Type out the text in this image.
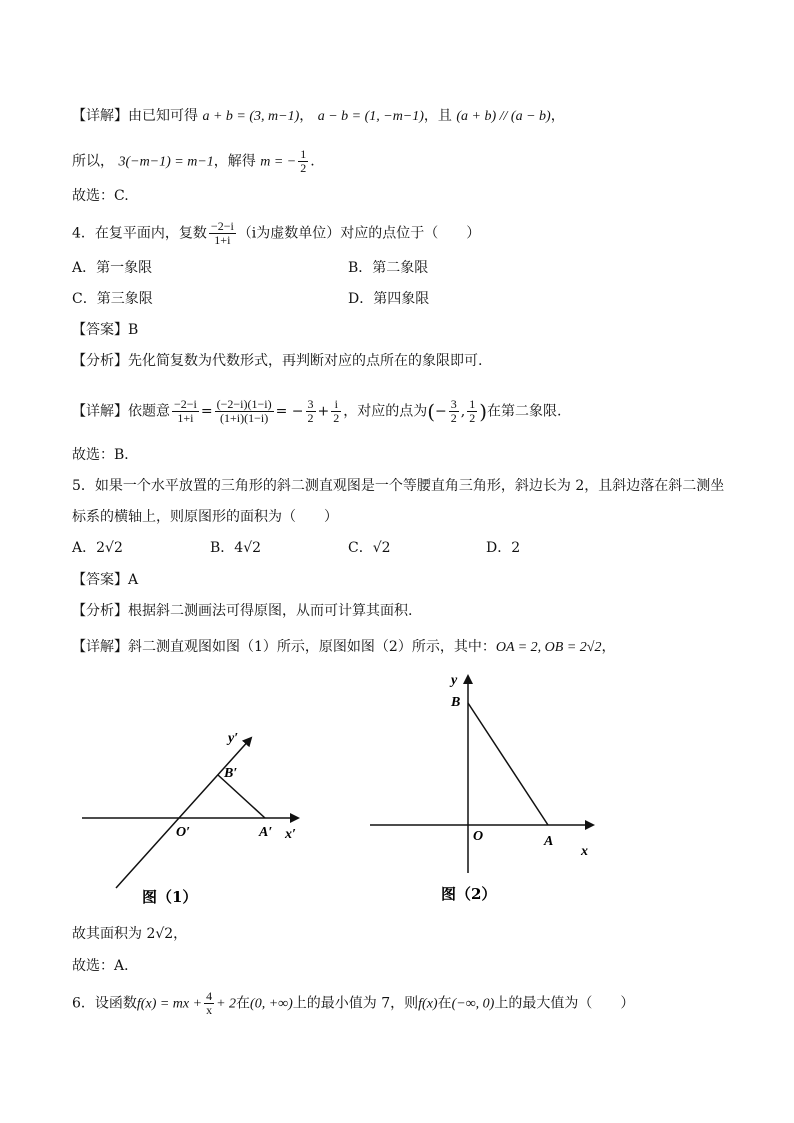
【详解】由已知可得 a + b = (3, m−1)， a − b = (1, −m−1)，且 (a + b) // (a − b)，
所以， 3(−m−1) = m−1，解得 m = − $\frac{1}{2}$ .
故选：C.
4．在复平面内，复数 $\frac{-2-i}{1+i} (i$为虚数单位）对应的点位于（　　）
A．第一象限	B．第二象限
C．第三象限	D．第四象限
【答案】B
【分析】先化简复数为代数形式，再判断对应的点所在的象限即可.
【详解】依题意 $\frac{-2-i}{1+i} = \frac{(-2-i)(1-i)}{(1+i)(1-i)}$ = − $\frac{3}{2} + \frac{i}{2}$ ，对应的点为(− $\frac{3}{2}$ , $\frac{1}{2}$ )在第二象限.
故选：B．
5．如果一个水平放置的三角形的斜二测直观图是一个等腰直角三角形，斜边长为 2，且斜边落在斜二测坐
标系的横轴上，则原图形的面积为（　　）
A．2√2	B．4√2	C．√2	D．2
【答案】A
【分析】根据斜二测画法可得原图，从而可计算其面积.
【详解】斜二测直观图如图（1）所示，原图如图（2）所示，其中：OA = 2, OB = 2√2，
y′
B′
O′	A′ x′
图（1）
y
B
O	A
x
图（2）
故其面积为 2√2，
故选：A．
6．设函数f(x) = mx + $\frac{4}{x} + 2$在(0, +∞)上的最小值为 7，则f(x)在(−∞, 0)上的最大值为（　　）
